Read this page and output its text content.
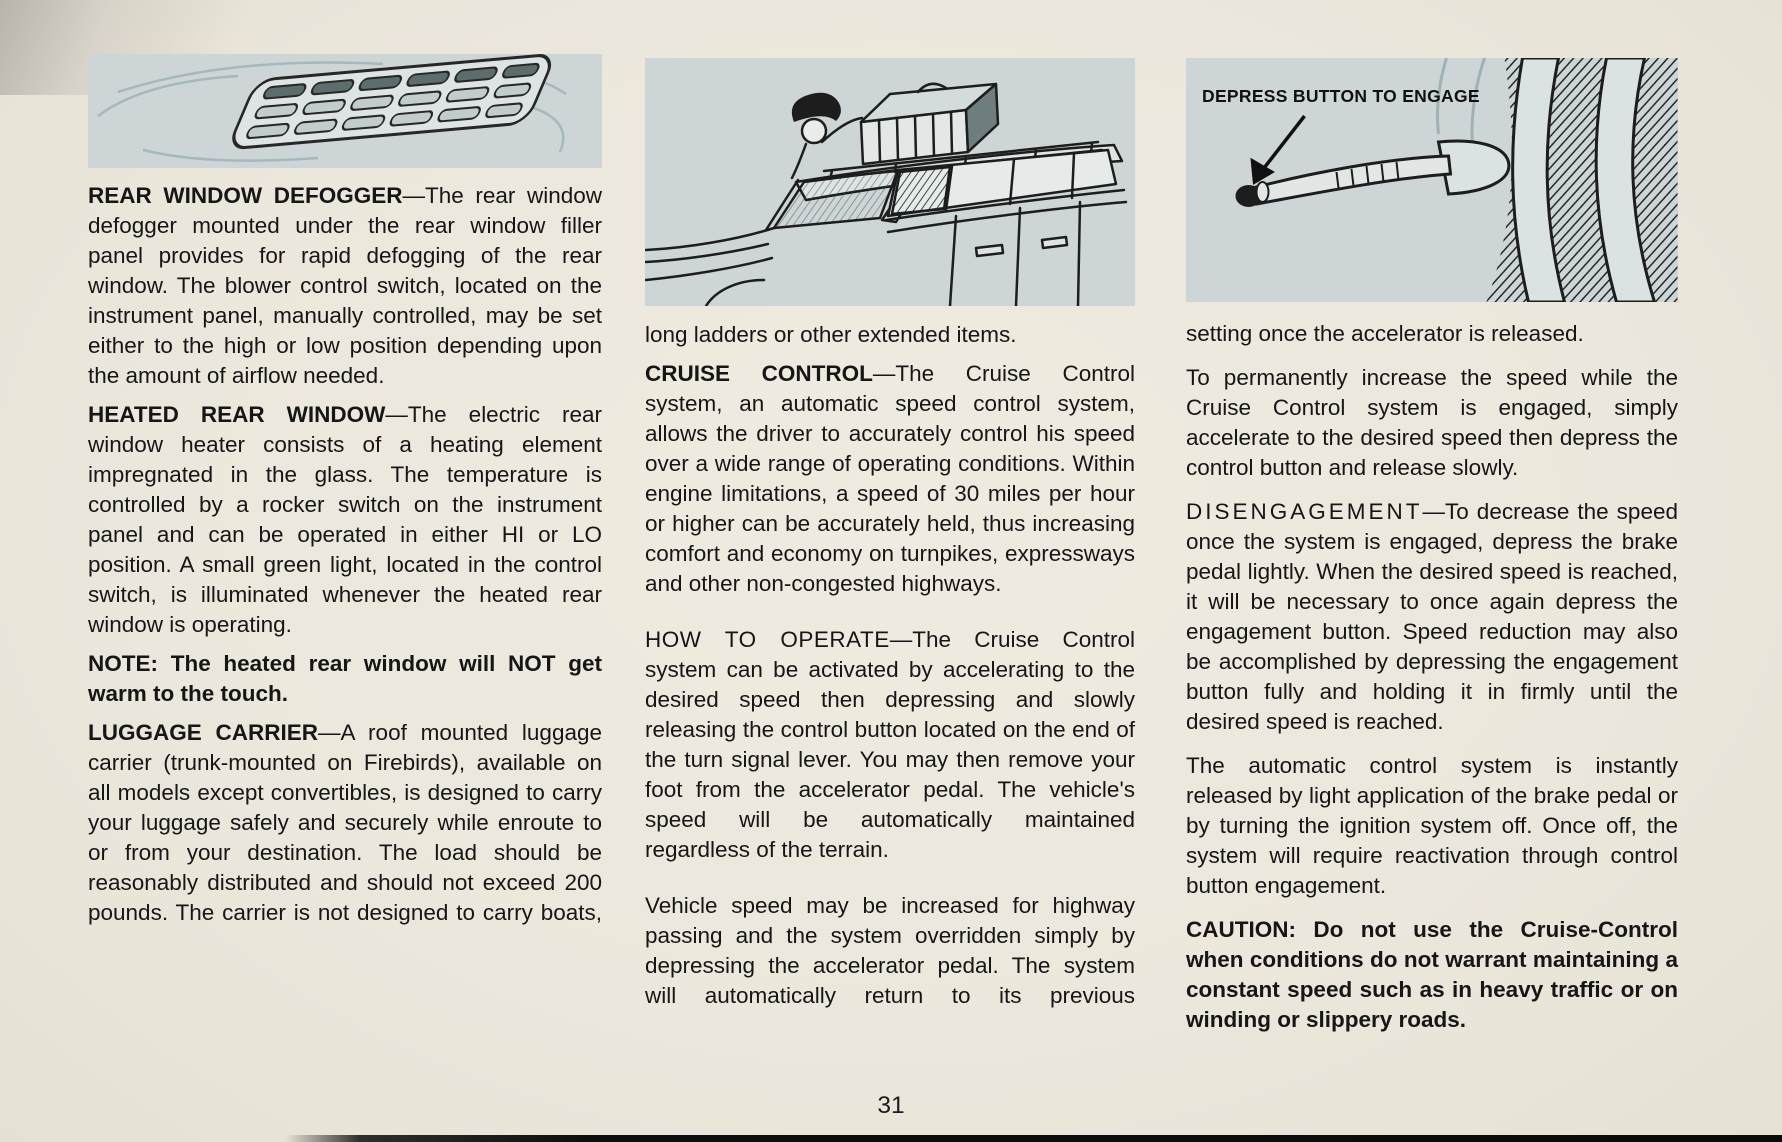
REAR WINDOW DEFOGGER—The rear window defogger mounted under the rear window filler panel provides for rapid defogging of the rear window. The blower control switch, located on the instrument panel, manually controlled, may be set either to the high or low position depending upon the amount of airflow needed.

HEATED REAR WINDOW—The electric rear window heater consists of a heating element impregnated in the glass. The temperature is controlled by a rocker switch on the instrument panel and can be operated in either HI or LO position. A small green light, located in the control switch, is illuminated whenever the heated rear window is operating.

NOTE: The heated rear window will NOT get warm to the touch.

LUGGAGE CARRIER—A roof mounted luggage carrier (trunk-mounted on Firebirds), available on all models except convertibles, is designed to carry your luggage safely and securely while enroute to or from your destination. The load should be reasonably distributed and should not exceed 200 pounds. The carrier is not designed to carry boats,

long ladders or other extended items.

CRUISE CONTROL—The Cruise Control system, an automatic speed control system, allows the driver to accurately control his speed over a wide range of operating conditions. Within engine limitations, a speed of 30 miles per hour or higher can be accurately held, thus increasing comfort and economy on turnpikes, expressways and other non-congested highways.

HOW TO OPERATE—The Cruise Control system can be activated by accelerating to the desired speed then depressing and slowly releasing the control button located on the end of the turn signal lever. You may then remove your foot from the accelerator pedal. The vehicle's speed will be automatically maintained regardless of the terrain.

Vehicle speed may be increased for highway passing and the system overridden simply by depressing the accelerator pedal. The system will automatically return to its previous

DEPRESS BUTTON TO ENGAGE

setting once the accelerator is released.

To permanently increase the speed while the Cruise Control system is engaged, simply accelerate to the desired speed then depress the control button and release slowly.

DISENGAGEMENT—To decrease the speed once the system is engaged, depress the brake pedal lightly. When the desired speed is reached, it will be necessary to once again depress the engagement button. Speed reduction may also be accomplished by depressing the engagement button fully and holding it in firmly until the desired speed is reached.

The automatic control system is instantly released by light application of the brake pedal or by turning the ignition system off. Once off, the system will require reactivation through control button engagement.

CAUTION: Do not use the Cruise-Control when conditions do not warrant maintaining a constant speed such as in heavy traffic or on winding or slippery roads.

31
